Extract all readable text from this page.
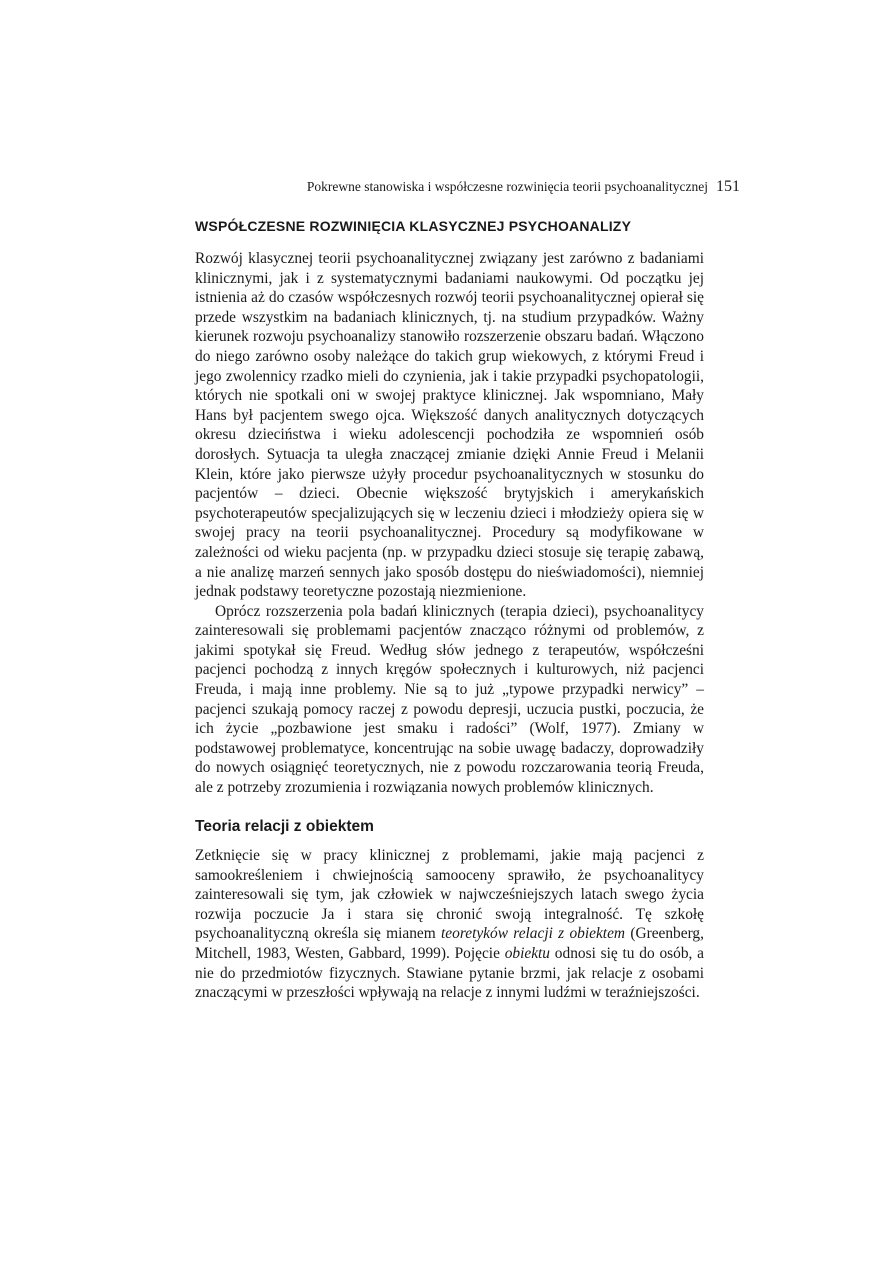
Pokrewne stanowiska i współczesne rozwinięcia teorii psychoanalitycznej 151
WSPÓŁCZESNE ROZWINIĘCIA KLASYCZNEJ PSYCHOANALIZY

Rozwój klasycznej teorii psychoanalitycznej związany jest zarówno z badaniami klinicznymi, jak i z systematycznymi badaniami naukowymi. Od początku jej istnienia aż do czasów współczesnych rozwój teorii psychoanalitycznej opierał się przede wszystkim na badaniach klinicznych, tj. na studium przypadków. Ważny kierunek rozwoju psychoanalizy stanowiło rozszerzenie obszaru badań. Włączono do niego zarówno osoby należące do takich grup wiekowych, z którymi Freud i jego zwolennicy rzadko mieli do czynienia, jak i takie przypadki psychopatologii, których nie spotkali oni w swojej praktyce klinicznej. Jak wspomniano, Mały Hans był pacjentem swego ojca. Większość danych analitycznych dotyczących okresu dzieciństwa i wieku adolescencji pochodziła ze wspomnień osób dorosłych. Sytuacja ta uległa znaczącej zmianie dzięki Annie Freud i Melanii Klein, które jako pierwsze użyły procedur psychoanalitycznych w stosunku do pacjentów – dzieci. Obecnie większość brytyjskich i amerykańskich psychoterapeutów specjalizujących się w leczeniu dzieci i młodzieży opiera się w swojej pracy na teorii psychoanalitycznej. Procedury są modyfikowane w zależności od wieku pacjenta (np. w przypadku dzieci stosuje się terapię zabawą, a nie analizę marzeń sennych jako sposób dostępu do nieświadomości), niemniej jednak podstawy teoretyczne pozostają niezmienione.

Oprócz rozszerzenia pola badań klinicznych (terapia dzieci), psychoanalitycy zainteresowali się problemami pacjentów znacząco różnymi od problemów, z jakimi spotykał się Freud. Według słów jednego z terapeutów, współcześni pacjenci pochodzą z innych kręgów społecznych i kulturowych, niż pacjenci Freuda, i mają inne problemy. Nie są to już „typowe przypadki nerwicy” – pacjenci szukają pomocy raczej z powodu depresji, uczucia pustki, poczucia, że ich życie „pozbawione jest smaku i radości” (Wolf, 1977). Zmiany w podstawowej problematyce, koncentrując na sobie uwagę badaczy, doprowadziły do nowych osiągnięć teoretycznych, nie z powodu rozczarowania teorią Freuda, ale z potrzeby zrozumienia i rozwiązania nowych problemów klinicznych.

Teoria relacji z obiektem

Zetknięcie się w pracy klinicznej z problemami, jakie mają pacjenci z samookreśleniem i chwiejnością samooceny sprawiło, że psychoanalitycy zainteresowali się tym, jak człowiek w najwcześniejszych latach swego życia rozwija poczucie Ja i stara się chronić swoją integralność. Tę szkołę psychoanalityczną określa się mianem teoretyków relacji z obiektem (Greenberg, Mitchell, 1983, Westen, Gabbard, 1999). Pojęcie obiektu odnosi się tu do osób, a nie do przedmiotów fizycznych. Stawiane pytanie brzmi, jak relacje z osobami znaczącymi w przeszłości wpływają na relacje z innymi ludźmi w teraźniejszości.
